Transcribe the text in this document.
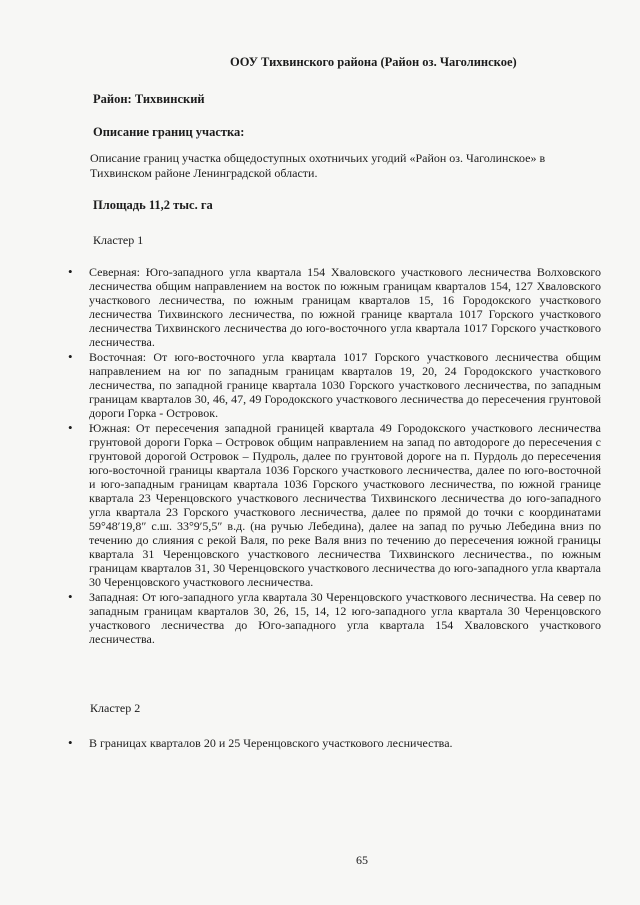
ООУ Тихвинского района (Район оз. Чаголинское)
Район: Тихвинский
Описание границ участка:
Описание границ участка общедоступных охотничьих угодий «Район оз. Чаголинское» в Тихвинском районе Ленинградской области.
Площадь 11,2 тыс. га
Кластер 1
• Северная: Юго-западного угла квартала 154 Хваловского участкового лесничества Волховского лесничества общим направлением на восток по южным границам кварталов 154, 127 Хваловского участкового лесничества, по южным границам кварталов 15, 16 Городокского участкового лесничества Тихвинского лесничества, по южной границе квартала 1017 Горского участкового лесничества Тихвинского лесничества до юго-восточного угла квартала 1017 Горского участкового лесничества.
• Восточная: От юго-восточного угла квартала 1017 Горского участкового лесничества общим направлением на юг по западным границам кварталов 19, 20, 24 Городокского участкового лесничества, по западной границе квартала 1030 Горского участкового лесничества, по западным границам кварталов 30, 46, 47, 49 Городокского участкового лесничества до пересечения грунтовой дороги Горка - Островок.
• Южная: От пересечения западной границей квартала 49 Городокского участкового лесничества грунтовой дороги Горка – Островок общим направлением на запад по автодороге до пересечения с грунтовой дорогой Островок – Пудроль, далее по грунтовой дороге на п. Пурдоль до пересечения юго-восточной границы квартала 1036 Горского участкового лесничества, далее по юго-восточной и юго-западным границам квартала 1036 Горского участкового лесничества, по южной границе квартала 23 Черенцовского участкового лесничества Тихвинского лесничества до юго-западного угла квартала 23 Горского участкового лесничества, далее по прямой до точки с координатами 59°48′19,8″ с.ш. 33°9′5,5″ в.д. (на ручью Лебедина), далее на запад по ручью Лебедина вниз по течению до слияния с рекой Валя, по реке Валя вниз по течению до пересечения южной границы квартала 31 Черенцовского участкового лесничества Тихвинского лесничества., по южным границам кварталов 31, 30 Черенцовского участкового лесничества до юго-западного угла квартала 30 Черенцовского участкового лесничества.
• Западная: От юго-западного угла квартала 30 Черенцовского участкового лесничества. На север по западным границам кварталов 30, 26, 15, 14, 12 юго-западного угла квартала 30 Черенцовского участкового лесничества до Юго-западного угла квартала 154 Хваловского участкового лесничества.
Кластер 2
• В границах кварталов 20 и 25 Черенцовского участкового лесничества.
65
